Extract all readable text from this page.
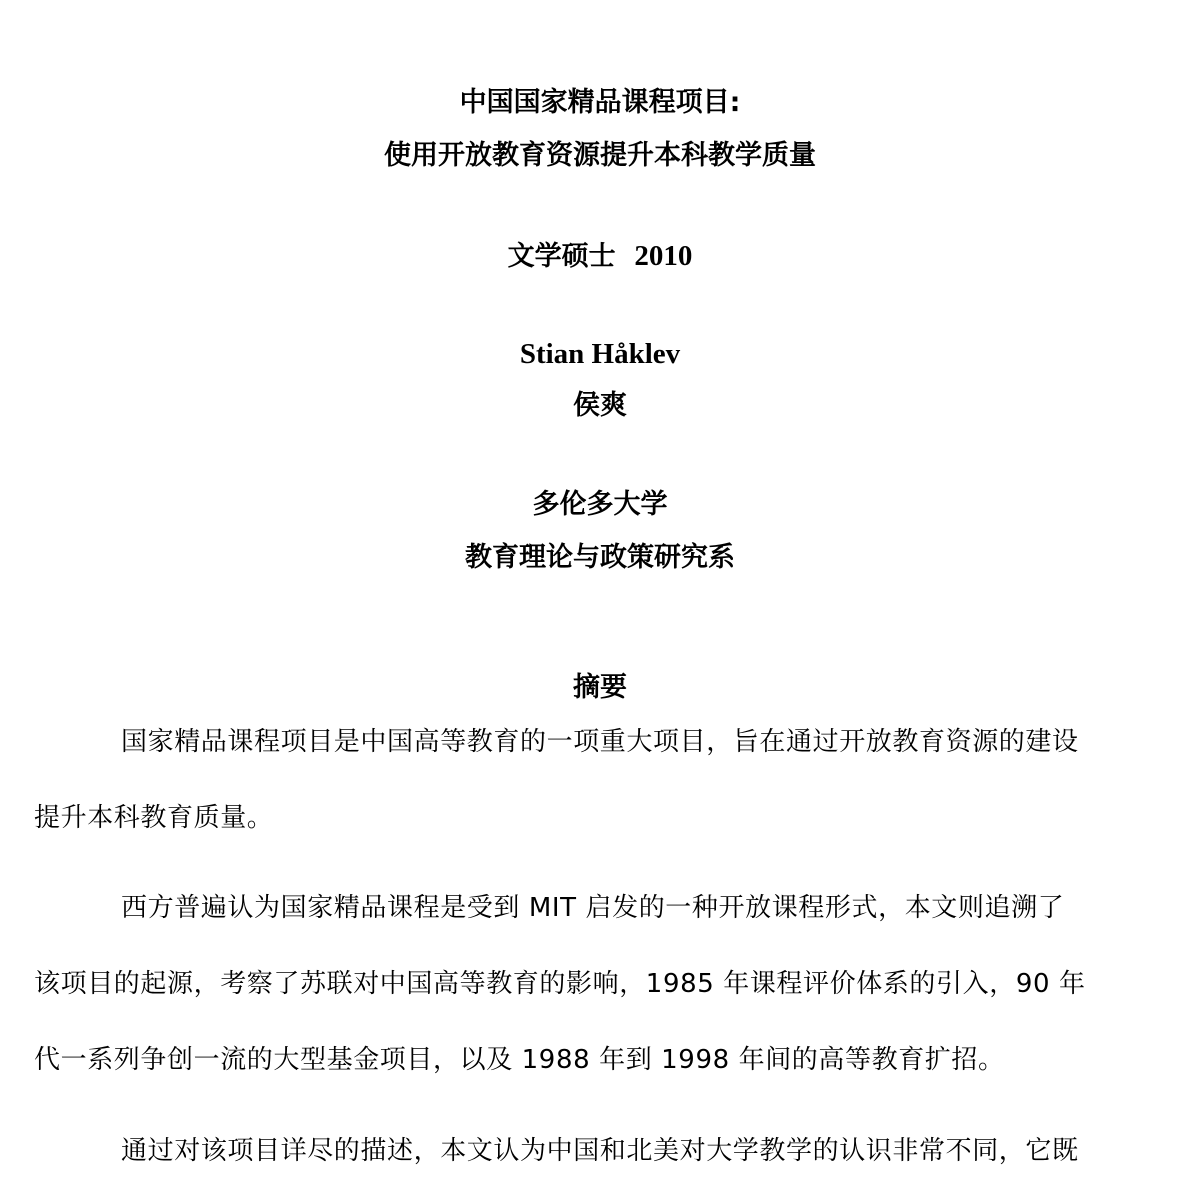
中国国家精品课程项目:
使用开放教育资源提升本科教学质量
文学硕士 2010
Stian Håklev
侯爽
多伦多大学
教育理论与政策研究系
摘要
国家精品课程项目是中国高等教育的一项重大项目，旨在通过开放教育资源的建设
提升本科教育质量。
西方普遍认为国家精品课程是受到 MIT 启发的一种开放课程形式，本文则追溯了
该项目的起源，考察了苏联对中国高等教育的影响，1985 年课程评价体系的引入，90 年
代一系列争创一流的大型基金项目，以及 1988 年到 1998 年间的高等教育扩招。
通过对该项目详尽的描述，本文认为中国和北美对大学教学的认识非常不同，它既
